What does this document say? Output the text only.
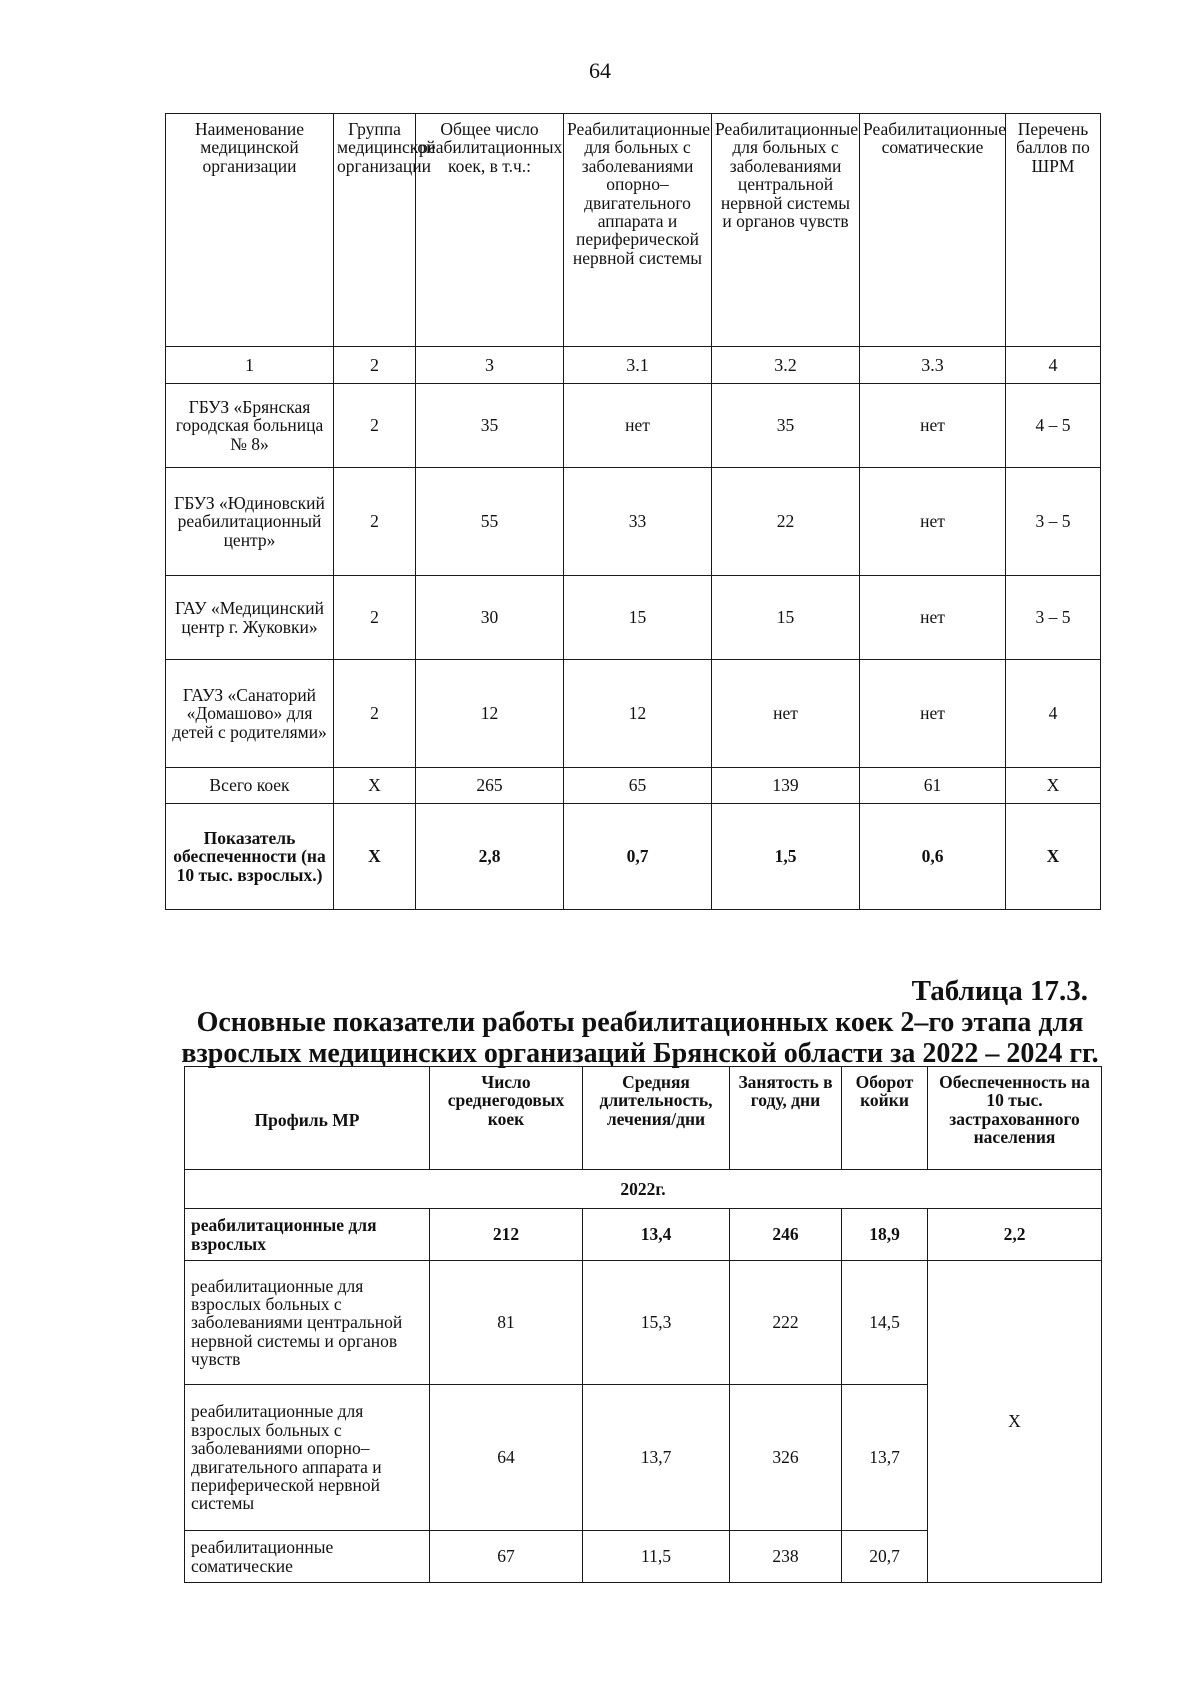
64
Наименование медицинской организации	Группа медицинской организации	Общее число реабилитационных коек, в т.ч.:	Реабилитационные для больных с заболеваниями опорно–двигательного аппарата и периферической нервной системы	Реабилитационные для больных с заболеваниями центральной нервной системы и органов чувств	Реабилитационные соматические	Перечень баллов по ШРМ
1	2	3	3.1	3.2	3.3	4
ГБУЗ «Брянская городская больница № 8»	2	35	нет	35	нет	4 – 5
ГБУЗ «Юдиновский реабилитационный центр»	2	55	33	22	нет	3 – 5
ГАУ «Медицинский центр г. Жуковки»	2	30	15	15	нет	3 – 5
ГАУЗ «Санаторий «Домашово» для детей с родителями»	2	12	12	нет	нет	4
Всего коек	X	265	65	139	61	X
Показатель обеспеченности (на 10 тыс. взрослых.)	X	2,8	0,7	1,5	0,6	X
Таблица 17.3.
Основные показатели работы реабилитационных коек 2–го этапа для взрослых медицинских организаций Брянской области за 2022 – 2024 гг.
Профиль МР	Число среднегодовых коек	Средняя длительность, лечения/дни	Занятость в году, дни	Оборот койки	Обеспеченность на 10 тыс. застрахованного населения
2022г.					
реабилитационные для взрослых	212	13,4	246	18,9	2,2
реабилитационные для взрослых больных с заболеваниями центральной нервной системы и органов чувств	81	15,3	222	14,5	X
реабилитационные для взрослых больных с заболеваниями опорно–двигательного аппарата и периферической нервной системы	64	13,7	326	13,7	
реабилитационные соматические	67	11,5	238	20,7	
